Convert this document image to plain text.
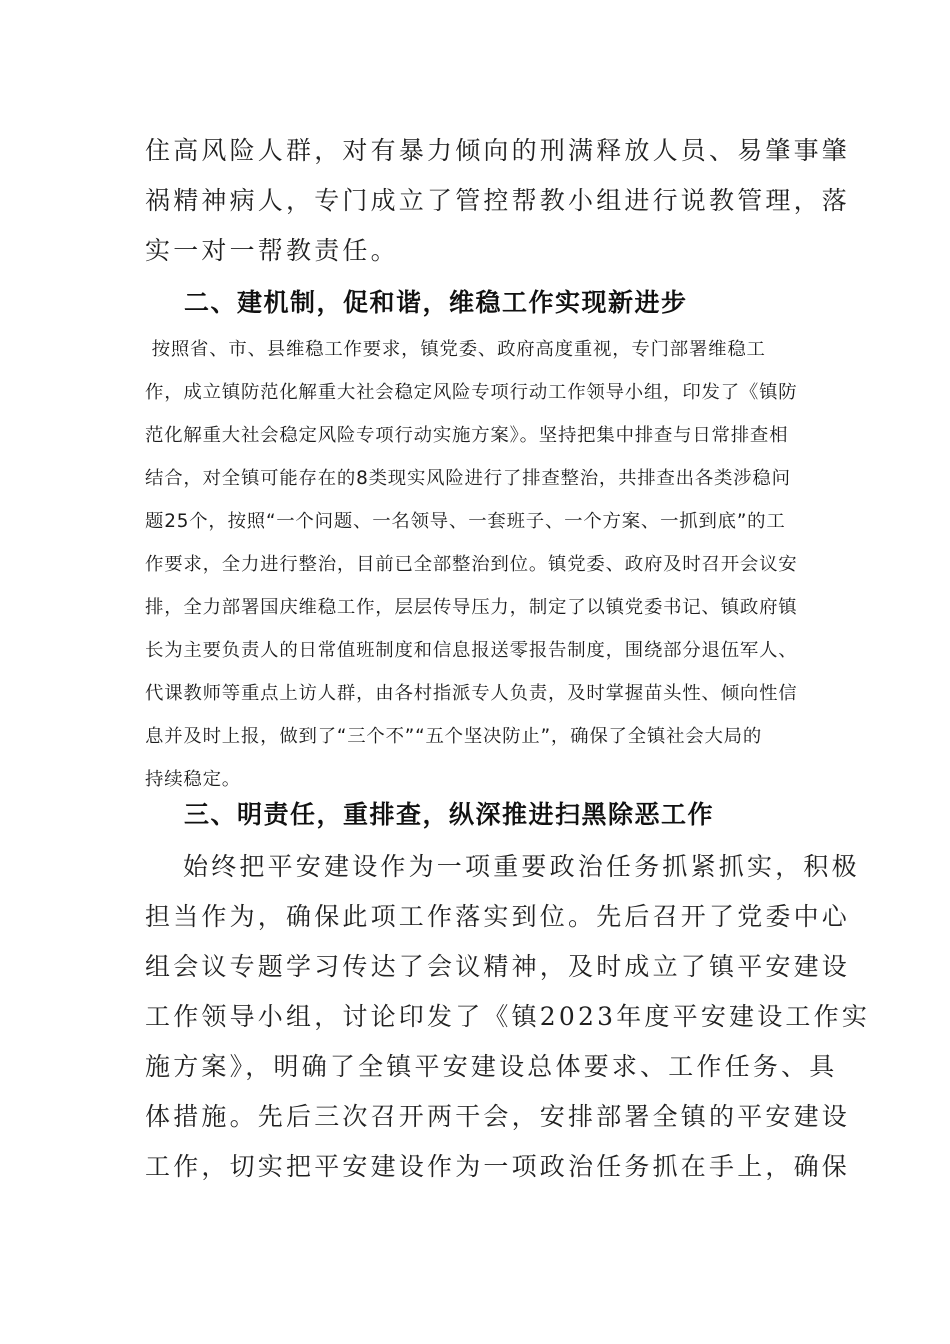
住高风险人群，对有暴力倾向的刑满释放人员、易肇事肇
祸精神病人，专门成立了管控帮教小组进行说教管理，落
实一对一帮教责任。
二、建机制，促和谐，维稳工作实现新进步
按照省、市、县维稳工作要求，镇党委、政府高度重视，专门部署维稳工
作，成立镇防范化解重大社会稳定风险专项行动工作领导小组，印发了《镇防
范化解重大社会稳定风险专项行动实施方案》。坚持把集中排查与日常排查相
结合，对全镇可能存在的8类现实风险进行了排查整治，共排查出各类涉稳问
题25个，按照“一个问题、一名领导、一套班子、一个方案、一抓到底”的工
作要求，全力进行整治，目前已全部整治到位。镇党委、政府及时召开会议安
排，全力部署国庆维稳工作，层层传导压力，制定了以镇党委书记、镇政府镇
长为主要负责人的日常值班制度和信息报送零报告制度，围绕部分退伍军人、
代课教师等重点上访人群，由各村指派专人负责，及时掌握苗头性、倾向性信
息并及时上报，做到了“三个不”“五个坚决防止”，确保了全镇社会大局的
持续稳定。
三、明责任，重排查，纵深推进扫黑除恶工作
始终把平安建设作为一项重要政治任务抓紧抓实，积极
担当作为，确保此项工作落实到位。先后召开了党委中心
组会议专题学习传达了会议精神，及时成立了镇平安建设
工作领导小组，讨论印发了《镇2023年度平安建设工作实
施方案》，明确了全镇平安建设总体要求、工作任务、具
体措施。先后三次召开两干会，安排部署全镇的平安建设
工作，切实把平安建设作为一项政治任务抓在手上，确保
